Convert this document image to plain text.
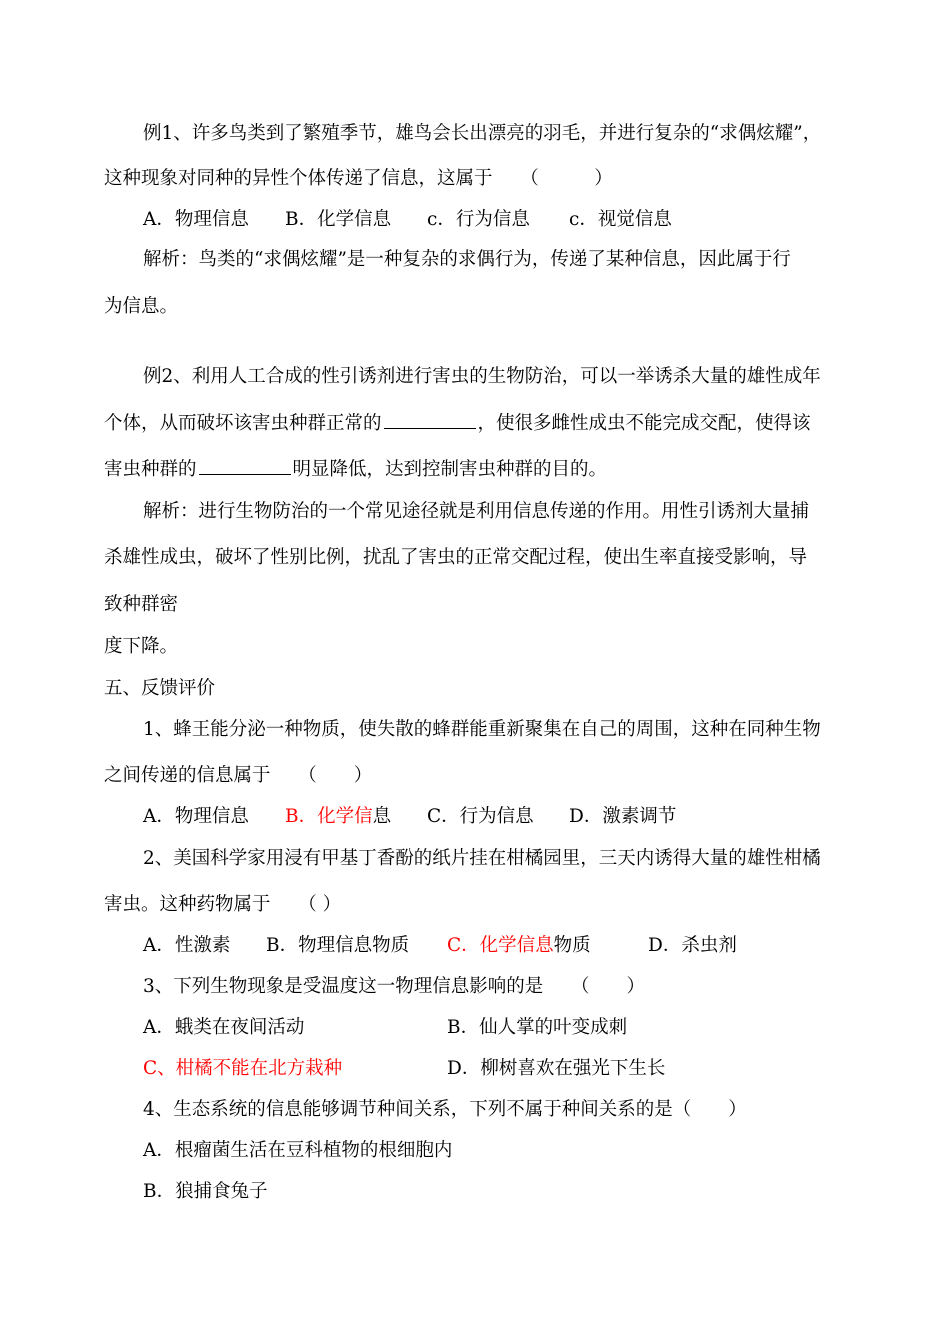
例1、许多鸟类到了繁殖季节，雄鸟会长出漂亮的羽毛，并进行复杂的“求偶炫耀”，
这种现象对同种的异性个体传递了信息，这属于　　（　　　）
A．物理信息 B．化学信息 c．行为信息 c．视觉信息
解析：鸟类的“求偶炫耀”是一种复杂的求偶行为，传递了某种信息，因此属于行
为信息。
例2、利用人工合成的性引诱剂进行害虫的生物防治，可以一举诱杀大量的雄性成年
个体，从而破坏该害虫种群正常的	，使很多雌性成虫不能完成交配，使得该
害虫种群的	明显降低，达到控制害虫种群的目的。
解析：进行生物防治的一个常见途径就是利用信息传递的作用。用性引诱剂大量捕
杀雄性成虫，破坏了性别比例，扰乱了害虫的正常交配过程，使出生率直接受影响，导
致种群密
度下降。
五、反馈评价
1、蜂王能分泌一种物质，使失散的蜂群能重新聚集在自己的周围，这种在同种生物
之间传递的信息属于　　（　　）
A．物理信息 B．化学信息 C．行为信息 D．激素调节
2、美国科学家用浸有甲基丁香酚的纸片挂在柑橘园里，三天内诱得大量的雄性柑橘
害虫。这种药物属于　　（ ）
A．性激素 B．物理信息物质 C．化学信息物质	D．杀虫剂
3、下列生物现象是受温度这一物理信息影响的是　　（　　）
A．蛾类在夜间活动	B．仙人掌的叶变成刺
C、柑橘不能在北方栽种	D．柳树喜欢在强光下生长
4、生态系统的信息能够调节种间关系，下列不属于种间关系的是（　　）
A．根瘤菌生活在豆科植物的根细胞内
B．狼捕食兔子
